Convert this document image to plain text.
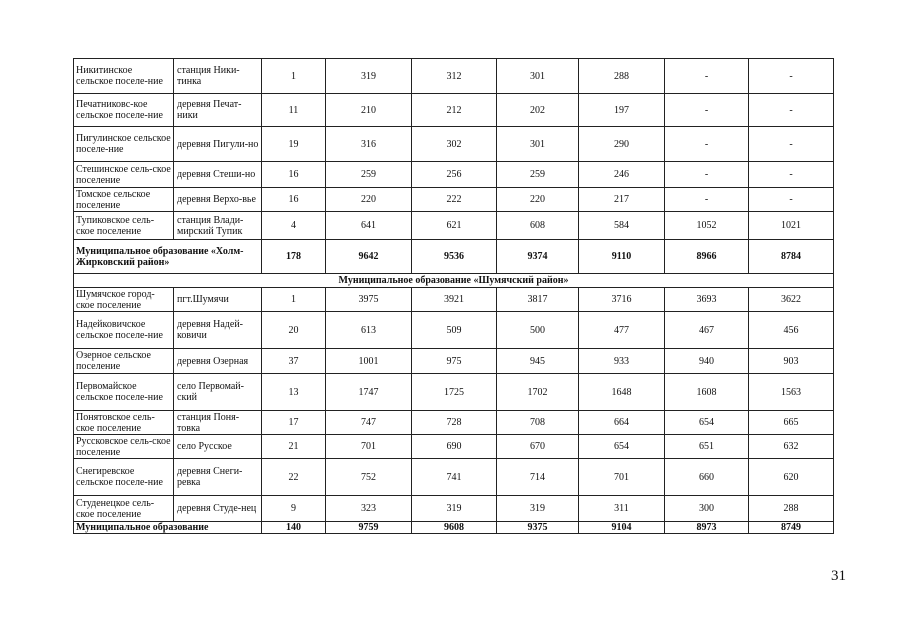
Никитинское сельское поселе-ние	станция Ники-тинка	1	319	312	301	288	-	-
Печатниковс-кое сельское поселе-ние	деревня Печат-ники	11	210	212	202	197	-	-
Пигулинское сельское поселе-ние	деревня Пигули-но	19	316	302	301	290	-	-
Стешинское сель-ское поселение	деревня Стеши-но	16	259	256	259	246	-	-
Томское сельское поселение	деревня Верхо-вье	16	220	222	220	217	-	-
Тупиковское сель-ское поселение	станция Влади-мирский Тупик	4	641	621	608	584	1052	1021
Муниципальное образование «Холм-Жирковский район»		178	9642	9536	9374	9110	8966	8784
Муниципальное образование «Шумячский район»								
Шумячское город-ское поселение	пгт.Шумячи	1	3975	3921	3817	3716	3693	3622
Надейковичское сельское поселе-ние	деревня Надей-ковичи	20	613	509	500	477	467	456
Озерное сельское поселение	деревня Озерная	37	1001	975	945	933	940	903
Первомайское сельское поселе-ние	село Первомай-ский	13	1747	1725	1702	1648	1608	1563
Понятовское сель-ское поселение	станция Поня-товка	17	747	728	708	664	654	665
Руссковское сель-ское поселение	село Русское	21	701	690	670	654	651	632
Снегиревское сельское поселе-ние	деревня Снеги-ревка	22	752	741	714	701	660	620
Студенецкое сель-ское поселение	деревня Студе-нец	9	323	319	319	311	300	288
Муниципальное образование		140	9759	9608	9375	9104	8973	8749
31
